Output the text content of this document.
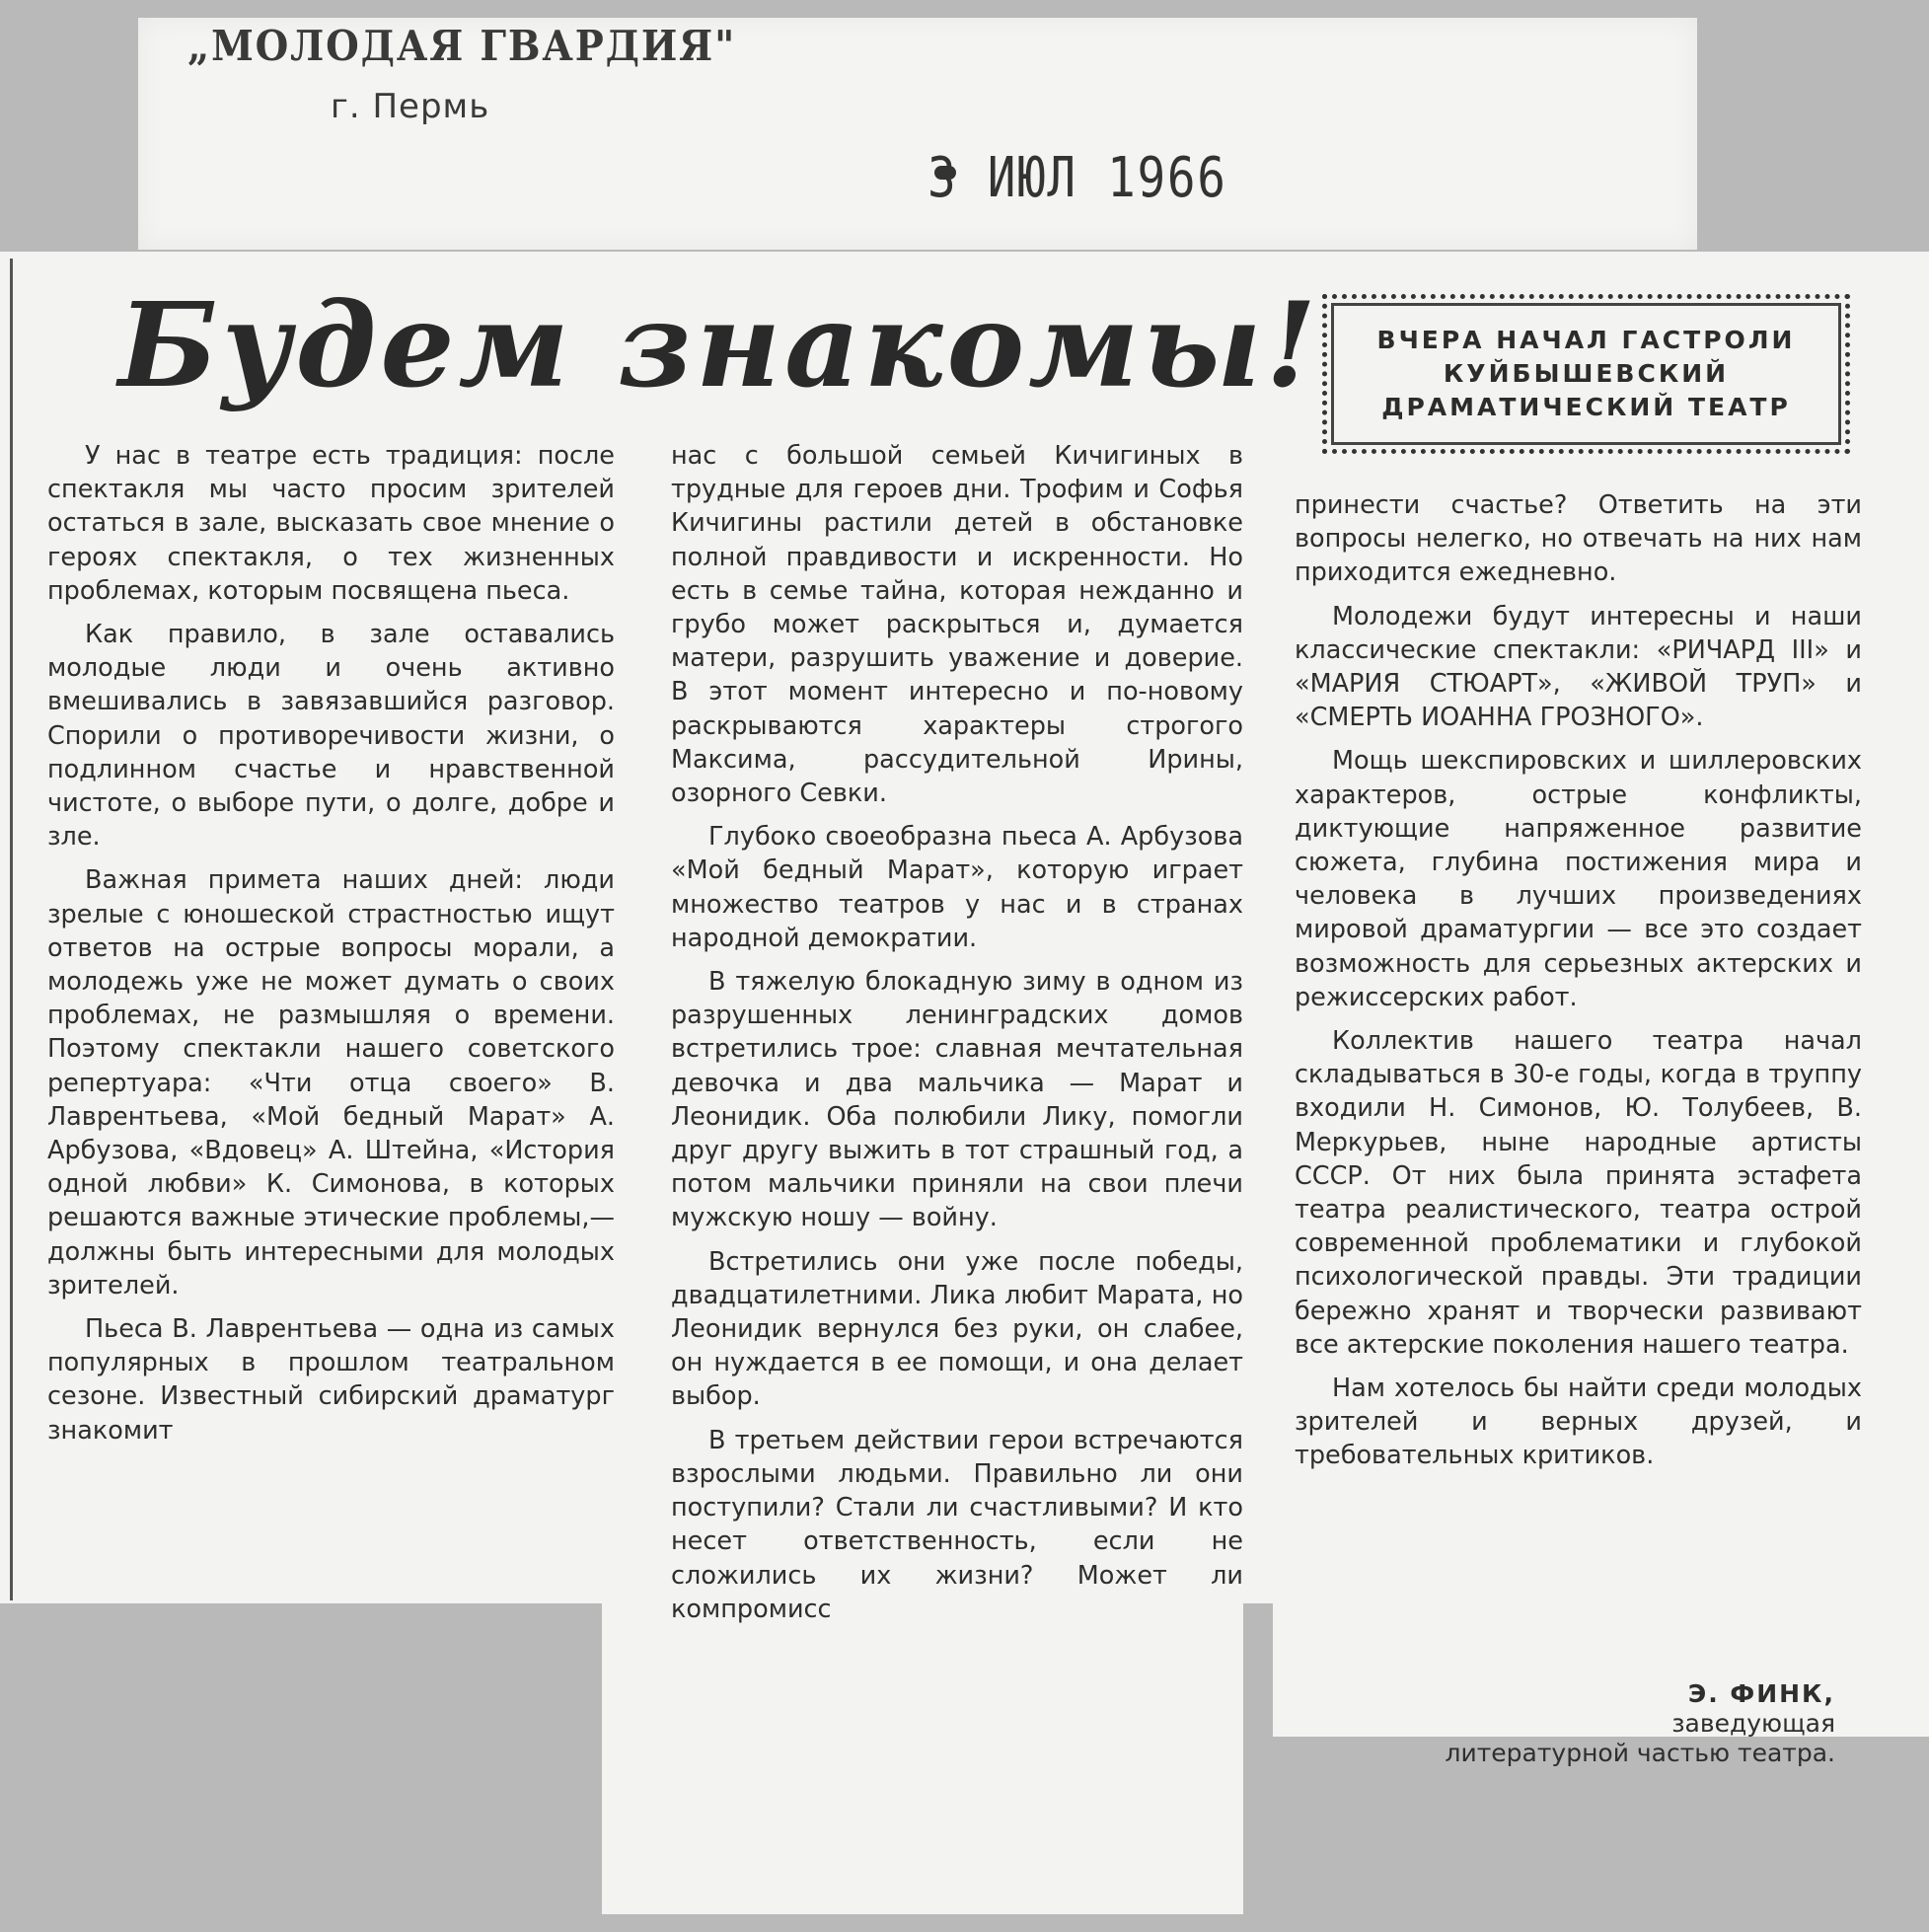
„МОЛОДАЯ ГВАРДИЯ"
г. Пермь
3 ИЮЛ 1966
Будем знакомы! ВЧЕРА НАЧАЛ ГАСТРОЛИ
КУЙБЫШЕВСКИЙ
ДРАМАТИЧЕСКИЙ ТЕАТР

У нас в театре есть традиция: после спектакля мы часто просим зрителей остаться в зале, высказать свое мнение о героях спектакля, о тех жизненных проблемах, которым посвящена пьеса.

Как правило, в зале оставались молодые люди и очень активно вмешивались в завязавшийся разговор. Спорили о противоречивости жизни, о подлинном счастье и нравственной чистоте, о выборе пути, о долге, добре и зле.

Важная примета наших дней: люди зрелые с юношеской страстностью ищут ответов на острые вопросы морали, а молодежь уже не может думать о своих проблемах, не размышляя о времени. Поэтому спектакли нашего советского репертуара: «Чти отца своего» В. Лаврентьева, «Мой бедный Марат» А. Арбузова, «Вдовец» А. Штейна, «История одной любви» К. Симонова, в которых решаются важные этические проблемы,— должны быть интересными для молодых зрителей.

Пьеса В. Лаврентьева — одна из самых популярных в прошлом театральном сезоне. Известный сибирский драматург знакомит

нас с большой семьей Кичигиных в трудные для героев дни. Трофим и Софья Кичигины растили детей в обстановке полной правдивости и искренности. Но есть в семье тайна, которая нежданно и грубо может раскрыться и, думается матери, разрушить уважение и доверие. В этот момент интересно и по-новому раскрываются характеры строгого Максима, рассудительной Ирины, озорного Севки.

Глубоко своеобразна пьеса А. Арбузова «Мой бедный Марат», которую играет множество театров у нас и в странах народной демократии.

В тяжелую блокадную зиму в одном из разрушенных ленинградских домов встретились трое: славная мечтательная девочка и два мальчика — Марат и Леонидик. Оба полюбили Лику, помогли друг другу выжить в тот страшный год, а потом мальчики приняли на свои плечи мужскую ношу — войну.

Встретились они уже после победы, двадцатилетними. Лика любит Марата, но Леонидик вернулся без руки, он слабее, он нуждается в ее помощи, и она делает выбор.

В третьем действии герои встречаются взрослыми людьми. Правильно ли они поступили? Стали ли счастливыми? И кто несет ответственность, если не сложились их жизни? Может ли компромисс

принести счастье? Ответить на эти вопросы нелегко, но отвечать на них нам приходится ежедневно.

Молодежи будут интересны и наши классические спектакли: «РИЧАРД III» и «МАРИЯ СТЮАРТ», «ЖИВОЙ ТРУП» и «СМЕРТЬ ИОАННА ГРОЗНОГО».

Мощь шекспировских и шиллеровских характеров, острые конфликты, диктующие напряженное развитие сюжета, глубина постижения мира и человека в лучших произведениях мировой драматургии — все это создает возможность для серьезных актерских и режиссерских работ.

Коллектив нашего театра начал складываться в 30-е годы, когда в труппу входили Н. Симонов, Ю. Толубеев, В. Меркурьев, ныне народные артисты СССР. От них была принята эстафета театра реалистического, театра острой современной проблематики и глубокой психологической правды. Эти традиции бережно хранят и творчески развивают все актерские поколения нашего театра.

Нам хотелось бы найти среди молодых зрителей и верных друзей, и требовательных критиков.

Э. ФИНК,
заведующая
литературной частью театра.
